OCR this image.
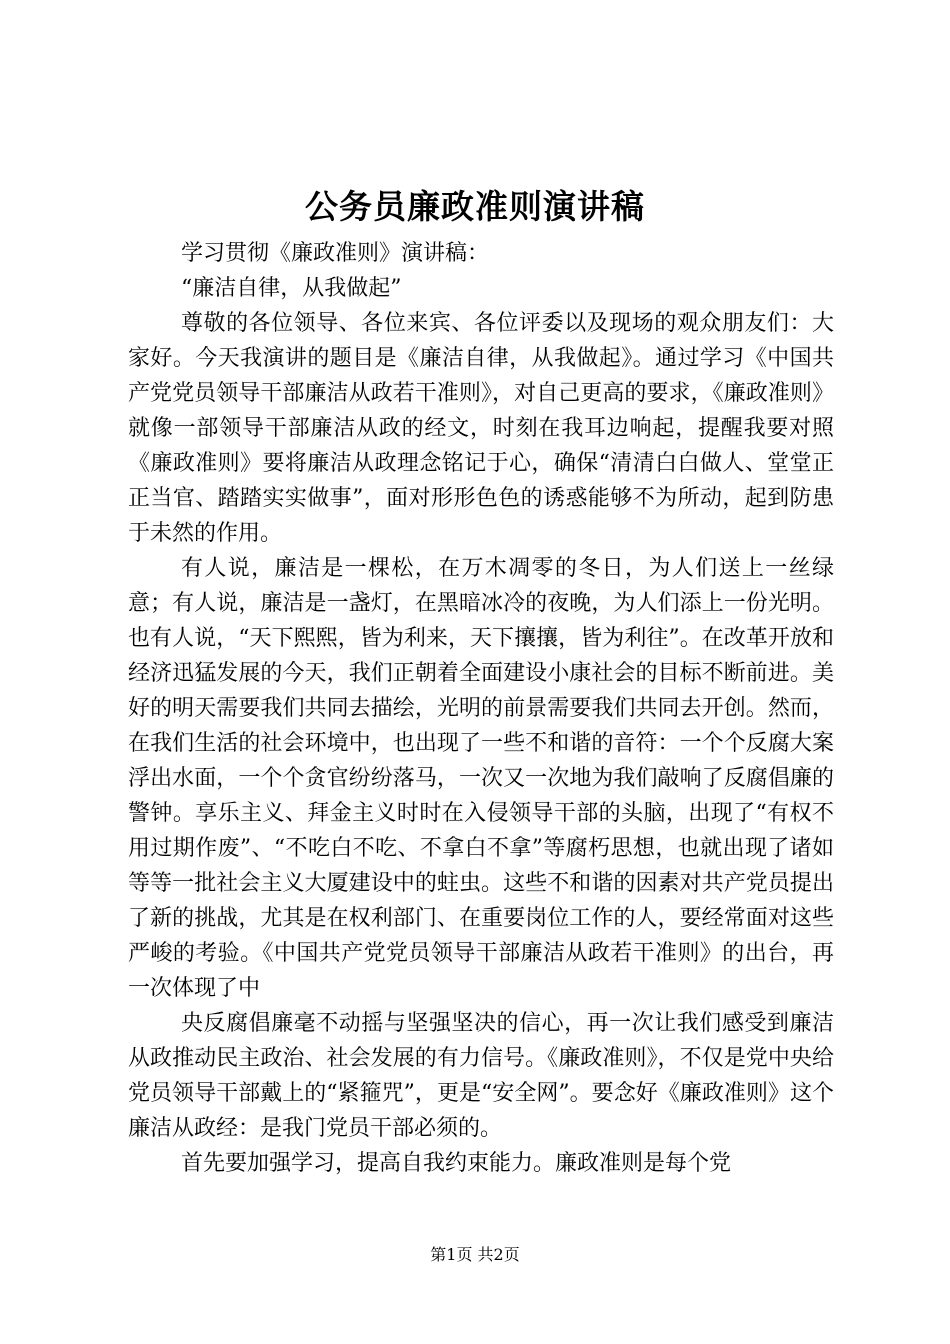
公务员廉政准则演讲稿

学习贯彻《廉政准则》演讲稿：

“廉洁自律，从我做起”

尊敬的各位领导、各位来宾、各位评委以及现场的观众朋友们：大家好。今天我演讲的题目是《廉洁自律，从我做起》。通过学习《中国共产党党员领导干部廉洁从政若干准则》，对自己更高的要求，《廉政准则》就像一部领导干部廉洁从政的经文，时刻在我耳边响起，提醒我要对照《廉政准则》要将廉洁从政理念铭记于心，确保“清清白白做人、堂堂正正当官、踏踏实实做事”，面对形形色色的诱惑能够不为所动，起到防患于未然的作用。

有人说，廉洁是一棵松，在万木凋零的冬日，为人们送上一丝绿意；有人说，廉洁是一盏灯，在黑暗冰冷的夜晚，为人们添上一份光明。也有人说，“天下熙熙，皆为利来，天下攘攘，皆为利往”。在改革开放和经济迅猛发展的今天，我们正朝着全面建设小康社会的目标不断前进。美好的明天需要我们共同去描绘，光明的前景需要我们共同去开创。然而，在我们生活的社会环境中，也出现了一些不和谐的音符：一个个反腐大案浮出水面，一个个贪官纷纷落马，一次又一次地为我们敲响了反腐倡廉的警钟。享乐主义、拜金主义时时在入侵领导干部的头脑，出现了“有权不用过期作废”、“不吃白不吃、不拿白不拿”等腐朽思想，也就出现了诸如等等一批社会主义大厦建设中的蛀虫。这些不和谐的因素对共产党员提出了新的挑战，尤其是在权利部门、在重要岗位工作的人，要经常面对这些严峻的考验。《中国共产党党员领导干部廉洁从政若干准则》的出台，再一次体现了中

央反腐倡廉毫不动摇与坚强坚决的信心，再一次让我们感受到廉洁从政推动民主政治、社会发展的有力信号。《廉政准则》，不仅是党中央给党员领导干部戴上的“紧箍咒”，更是“安全网”。要念好《廉政准则》这个廉洁从政经：是我门党员干部必须的。

首先要加强学习，提高自我约束能力。廉政准则是每个党

第1页 共2页
